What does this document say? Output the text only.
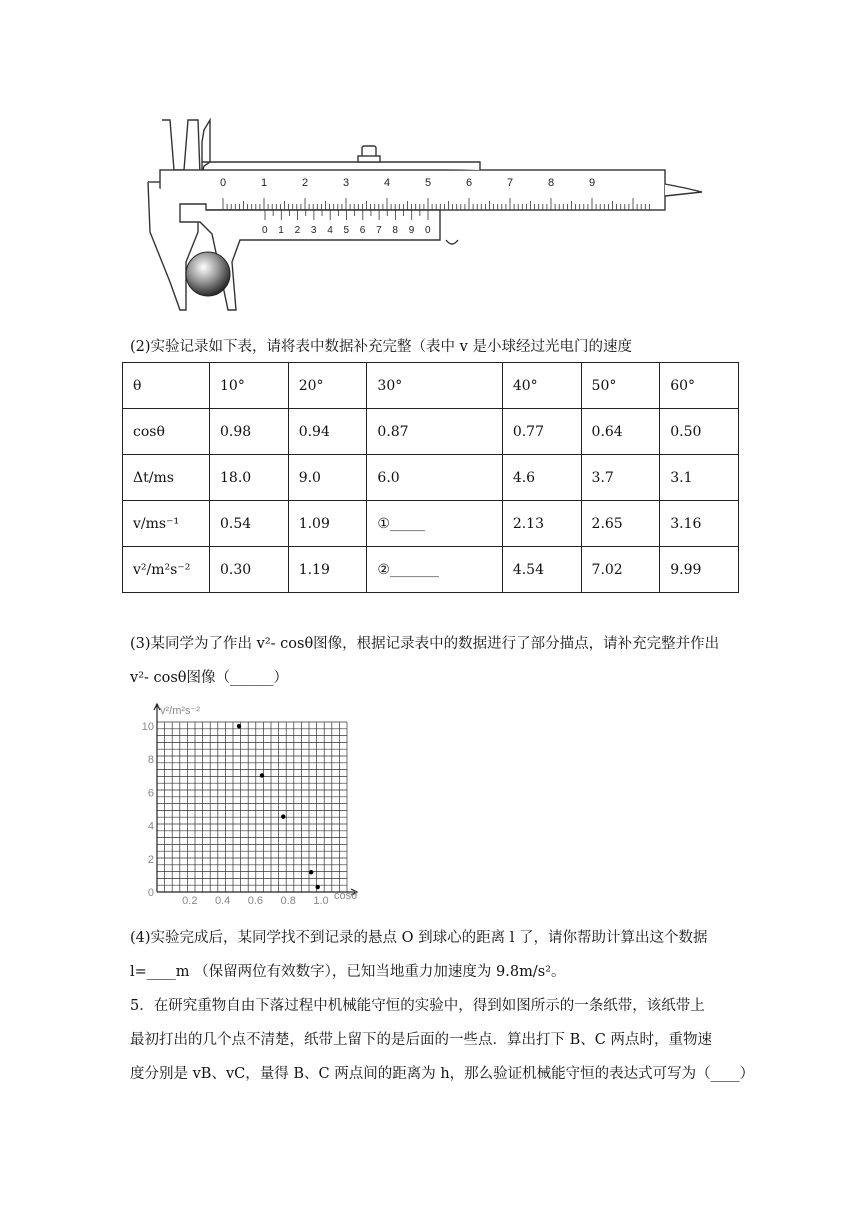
0	1	2	3	4	5	6	7	8	9
0 1 2 3 4 5 6 7 8 9 0
(2)实验记录如下表，请将表中数据补充完整（表中 v 是小球经过光电门的速度
θ	10°	20°	30°	40°	50°	60°
cosθ	0.98	0.94	0.87	0.77	0.64	0.50
Δt/ms	18.0	9.0	6.0	4.6	3.7	3.1
v/ms⁻¹	0.54	1.09	①_____	2.13	2.65	3.16
v²/m²s⁻²	0.30	1.19	②_______	4.54	7.02	9.99
(3)某同学为了作出 v²- cosθ图像，根据记录表中的数据进行了部分描点，请补充完整并作出
v²- cosθ图像（______）
0
2
4
6
8
10
0.2 0.4 0.6 0.8 1.0
v²/m²s⁻²
cosθ
(4)实验完成后，某同学找不到记录的悬点 O 到球心的距离 l 了，请你帮助计算出这个数据
l=____m （保留两位有效数字），已知当地重力加速度为 9.8m/s²。
5．在研究重物自由下落过程中机械能守恒的实验中，得到如图所示的一条纸带，该纸带上
最初打出的几个点不清楚，纸带上留下的是后面的一些点．算出打下 B、C 两点时，重物速
度分别是 vB、vC，量得 B、C 两点间的距离为 h，那么验证机械能守恒的表达式可写为（____）
